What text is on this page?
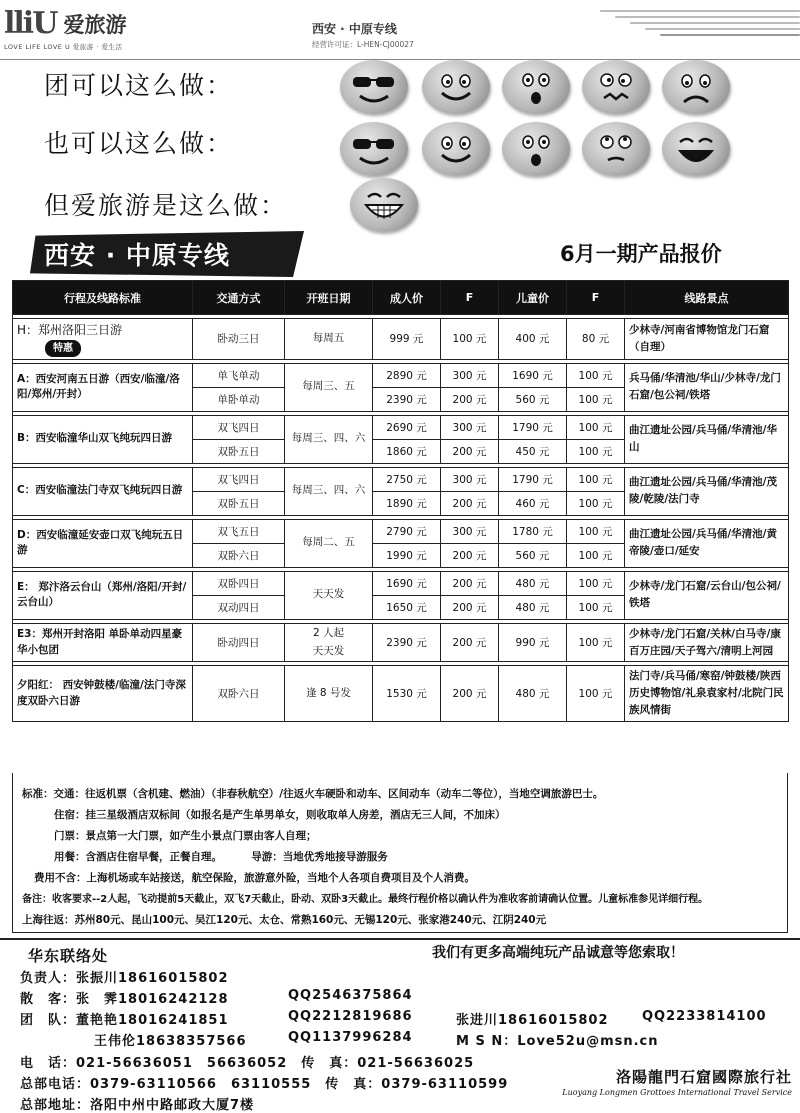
lliU 爱旅游
LOVE LIFE LOVE U 爱旅游 · 爱生活
西安 · 中原专线
经营许可证：L-HEN-CJ00027
团可以这么做：
也可以这么做：
但爱旅游是这么做：
西安 · 中原专线	6月一期产品报价
行程及线路标准	交通方式	开班日期	成人价	F	儿童价	F	线路景点

H：郑州洛阳三日游
特惠	卧动三日	每周五	999 元	100 元	400 元	80 元	少林寺/河南省博物馆龙门石窟（自理）

A：西安河南五日游（西安/临潼/洛阳/郑州/开封）	单飞单动	每周三、五	2890 元	300 元	1690 元	100 元	兵马俑/华清池/华山/少林寺/龙门石窟/包公祠/铁塔
	单卧单动		2390 元	200 元	560 元	100 元	

B：西安临潼华山双飞纯玩四日游	双飞四日	每周三、四、六	2690 元	300 元	1790 元	100 元	曲江遗址公园/兵马俑/华清池/华山
	双卧五日		1860 元	200 元	450 元	100 元	

C：西安临潼法门寺双飞纯玩四日游	双飞四日	每周三、四、六	2750 元	300 元	1790 元	100 元	曲江遗址公园/兵马俑/华清池/茂陵/乾陵/法门寺
	双卧五日		1890 元	200 元	460 元	100 元	

D：西安临潼延安壶口双飞纯玩五日游	双飞五日	每周二、五	2790 元	300 元	1780 元	100 元	曲江遗址公园/兵马俑/华清池/黄帝陵/壶口/延安
	双卧六日		1990 元	200 元	560 元	100 元	

E： 郑汴洛云台山（郑州/洛阳/开封/云台山）	双卧四日	天天发	1690 元	200 元	480 元	100 元	少林寺/龙门石窟/云台山/包公祠/铁塔
	双动四日		1650 元	200 元	480 元	100 元	

E3：郑州开封洛阳 单卧单动四星豪华小包团	卧动四日	2 人起
天天发	2390 元	200 元	990 元	100 元	少林寺/龙门石窟/关林/白马寺/康百万庄园/天子驾六/清明上河园

夕阳红： 西安钟鼓楼/临潼/法门寺深度双卧六日游	双卧六日	逢 8 号发	1530 元	200 元	480 元	100 元	法门寺/兵马俑/寒窑/钟鼓楼/陕西历史博物馆/礼泉袁家村/北院门民族风情街
标准：交通：往返机票（含机建、燃油）（非春秋航空）/往返火车硬卧和动车、区间动车（动车二等位），当地空调旅游巴士。
住宿：挂三星级酒店双标间（如报名是产生单男单女，则收取单人房差，酒店无三人间，不加床）
门票：景点第一大门票，如产生小景点门票由客人自理；
用餐：含酒店住宿早餐，正餐自理。        导游：当地优秀地接导游服务
费用不含：上海机场或车站接送，航空保险，旅游意外险，当地个人各项自费项目及个人消费。
备注：收客要求--2人起，飞动提前5天截止，双飞7天截止，卧动、双卧3天截止。最终行程价格以确认件为准收客前请确认位置。儿童标准参见详细行程。
上海往返：苏州80元、昆山100元、吴江120元、太仓、常熟160元、无锡120元、张家港240元、江阴240元
华东联络处
负责人：张振川18616015802
散　客：张　霁18016242128	QQ2546375864
团　队：董艳艳18016241851	QQ2212819686	张进川18616015802	QQ2233814100
王伟伦18638357566	QQ1137996284	M S N：Love52u@msn.cn
电　话：021-56636051　56636052　传　真：021-56636025
总部电话：0379-63110566　63110555　传　真：0379-63110599
总部地址：洛阳中州中路邮政大厦7楼
我们有更多高端纯玩产品诚意等您索取！
洛陽龍門石窟國際旅行社
Luoyang Longmen Grottoes International Travel Service
